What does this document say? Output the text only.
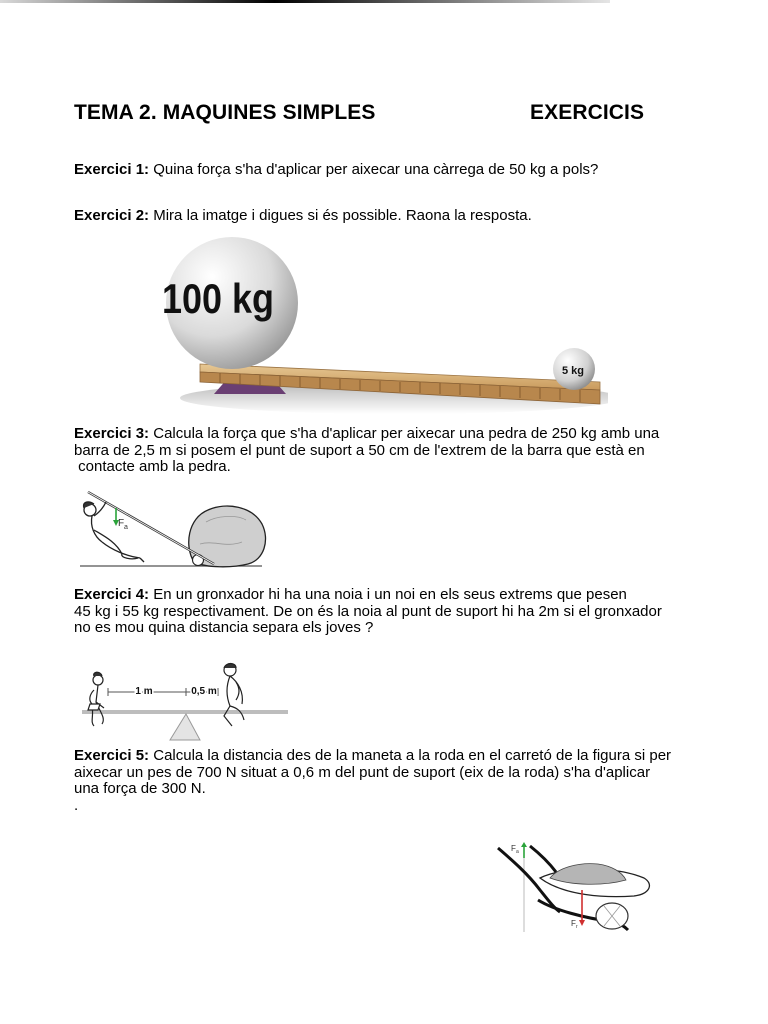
TEMA 2. MAQUINES SIMPLES	EXERCICIS
Exercici 1: Quina força s'ha d'aplicar per aixecar una càrrega de 50 kg a pols?
Exercici 2: Mira la imatge i digues si és possible. Raona la resposta.
100 kg
5 kg
Exercici 3: Calcula la força que s'ha d'aplicar per aixecar una pedra de 250 kg amb una
barra de 2,5 m si posem el punt de suport a 50 cm de l'extrem de la barra que està en
contacte amb la pedra.
F a
Exercici 4: En un gronxador hi ha una noia i un noi en els seus extrems que pesen
45 kg i 55 kg respectivament. De on és la noia al punt de suport hi ha 2m si el gronxador
no es mou quina distancia separa els joves ?
1 m	0,5 m
Exercici 5: Calcula la distancia des de la maneta a la roda en el carretó de la figura si per
aixecar un pes de 700 N situat a 0,6 m del punt de suport (eix de la roda) s'ha d'aplicar
una força de 300 N.
.
F a
F r
